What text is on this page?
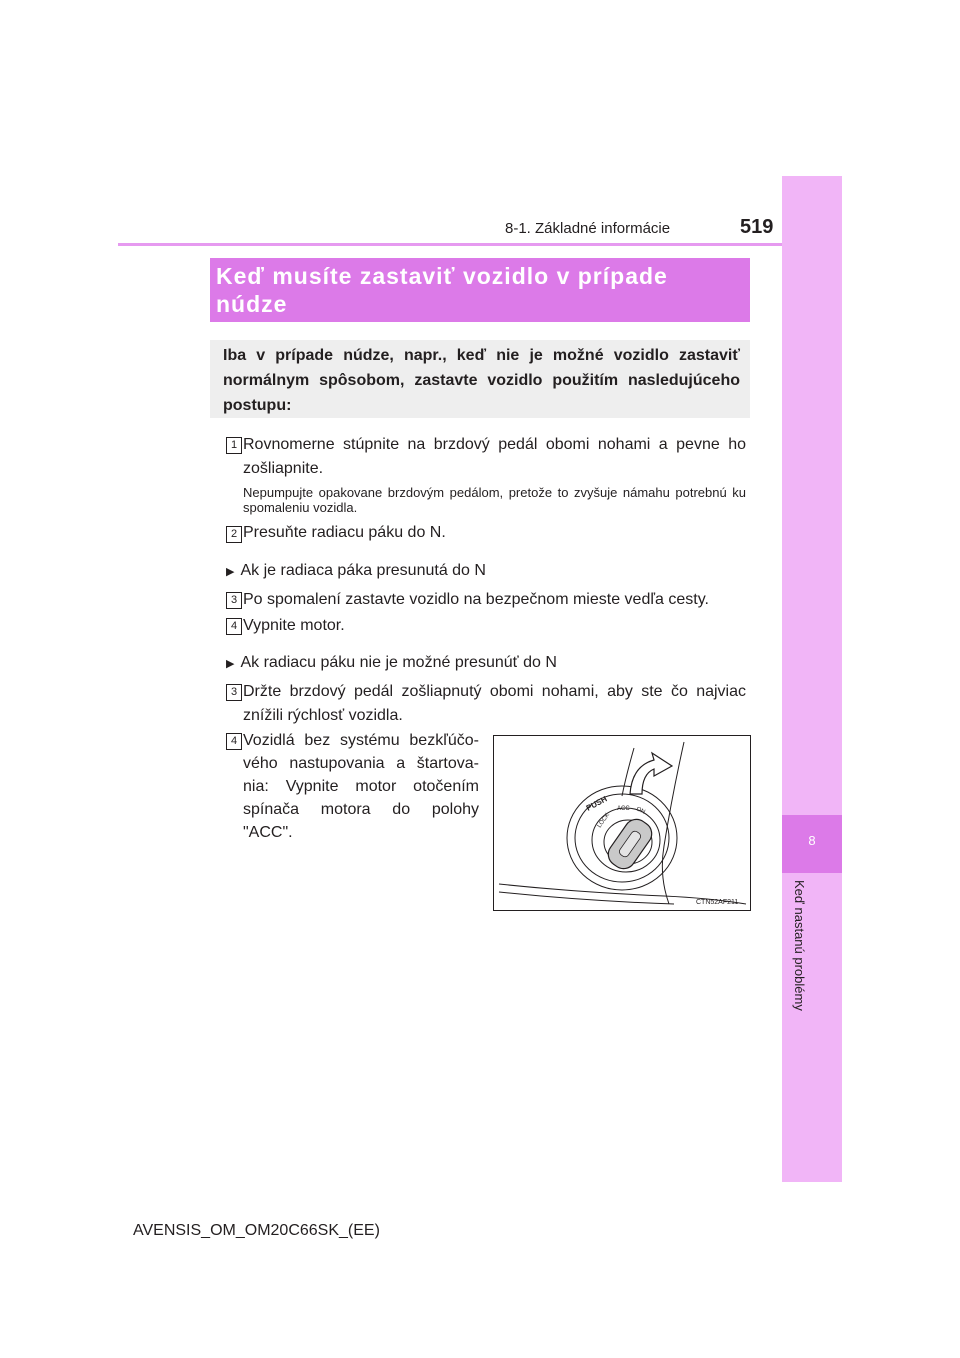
8
Keď nastanú problémy
8-1. Základné informácie	519
Keď musíte zastaviť vozidlo v prípade núdze
Iba v prípade núdze, napr., keď nie je možné vozidlo zastaviť normálnym spôsobom, zastavte vozidlo použitím nasledujúceho postupu:
1 Rovnomerne stúpnite na brzdový pedál obomi nohami a pevne ho zošliapnite.
Nepumpujte opakovane brzdovým pedálom, pretože to zvyšuje námahu potrebnú ku spomaleniu vozidla.
2 Presuňte radiacu páku do N.
▶ Ak je radiaca páka presunutá do N
3 Po spomalení zastavte vozidlo na bezpečnom mieste vedľa cesty.
4 Vypnite motor.
▶ Ak radiacu páku nie je možné presunúť do N
3 Držte brzdový pedál zošliapnutý obomi nohami, aby ste čo najviac znížili rýchlosť vozidla.
4 Vozidlá bez systému bezkľúčo-vého nastupovania a štartova-nia: Vypnite motor otočením spínača motora do polohy "ACC".
PUSH
LOCK
ACC ON
CTN52AF211
AVENSIS_OM_OM20C66SK_(EE)
